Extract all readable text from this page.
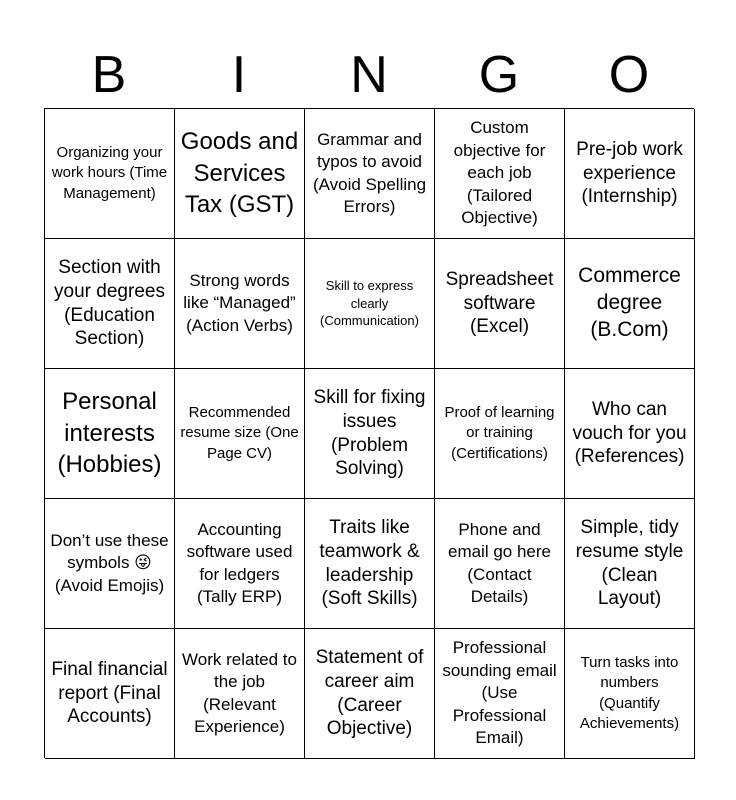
B	I	N	G	O
Organizing your work hours (Time Management)
Goods and Services Tax (GST)
Grammar and typos to avoid (Avoid Spelling Errors)
Custom objective for each job (Tailored Objective)
Pre-job work experience (Internship)
Section with your degrees (Education Section)
Strong words like “Managed” (Action Verbs)
Skill to express clearly (Communication)
Spreadsheet software (Excel)
Commerce degree (B.Com)
Personal interests (Hobbies)
Recommended resume size (One Page CV)
Skill for fixing issues (Problem Solving)
Proof of learning or training (Certifications)
Who can vouch for you (References)
Don’t use these symbols 😜 (Avoid Emojis)
Accounting software used for ledgers (Tally ERP)
Traits like teamwork & leadership (Soft Skills)
Phone and email go here (Contact Details)
Simple, tidy resume style (Clean Layout)
Final financial report (Final Accounts)
Work related to the job (Relevant Experience)
Statement of career aim (Career Objective)
Professional sounding email (Use Professional Email)
Turn tasks into numbers (Quantify Achievements)
